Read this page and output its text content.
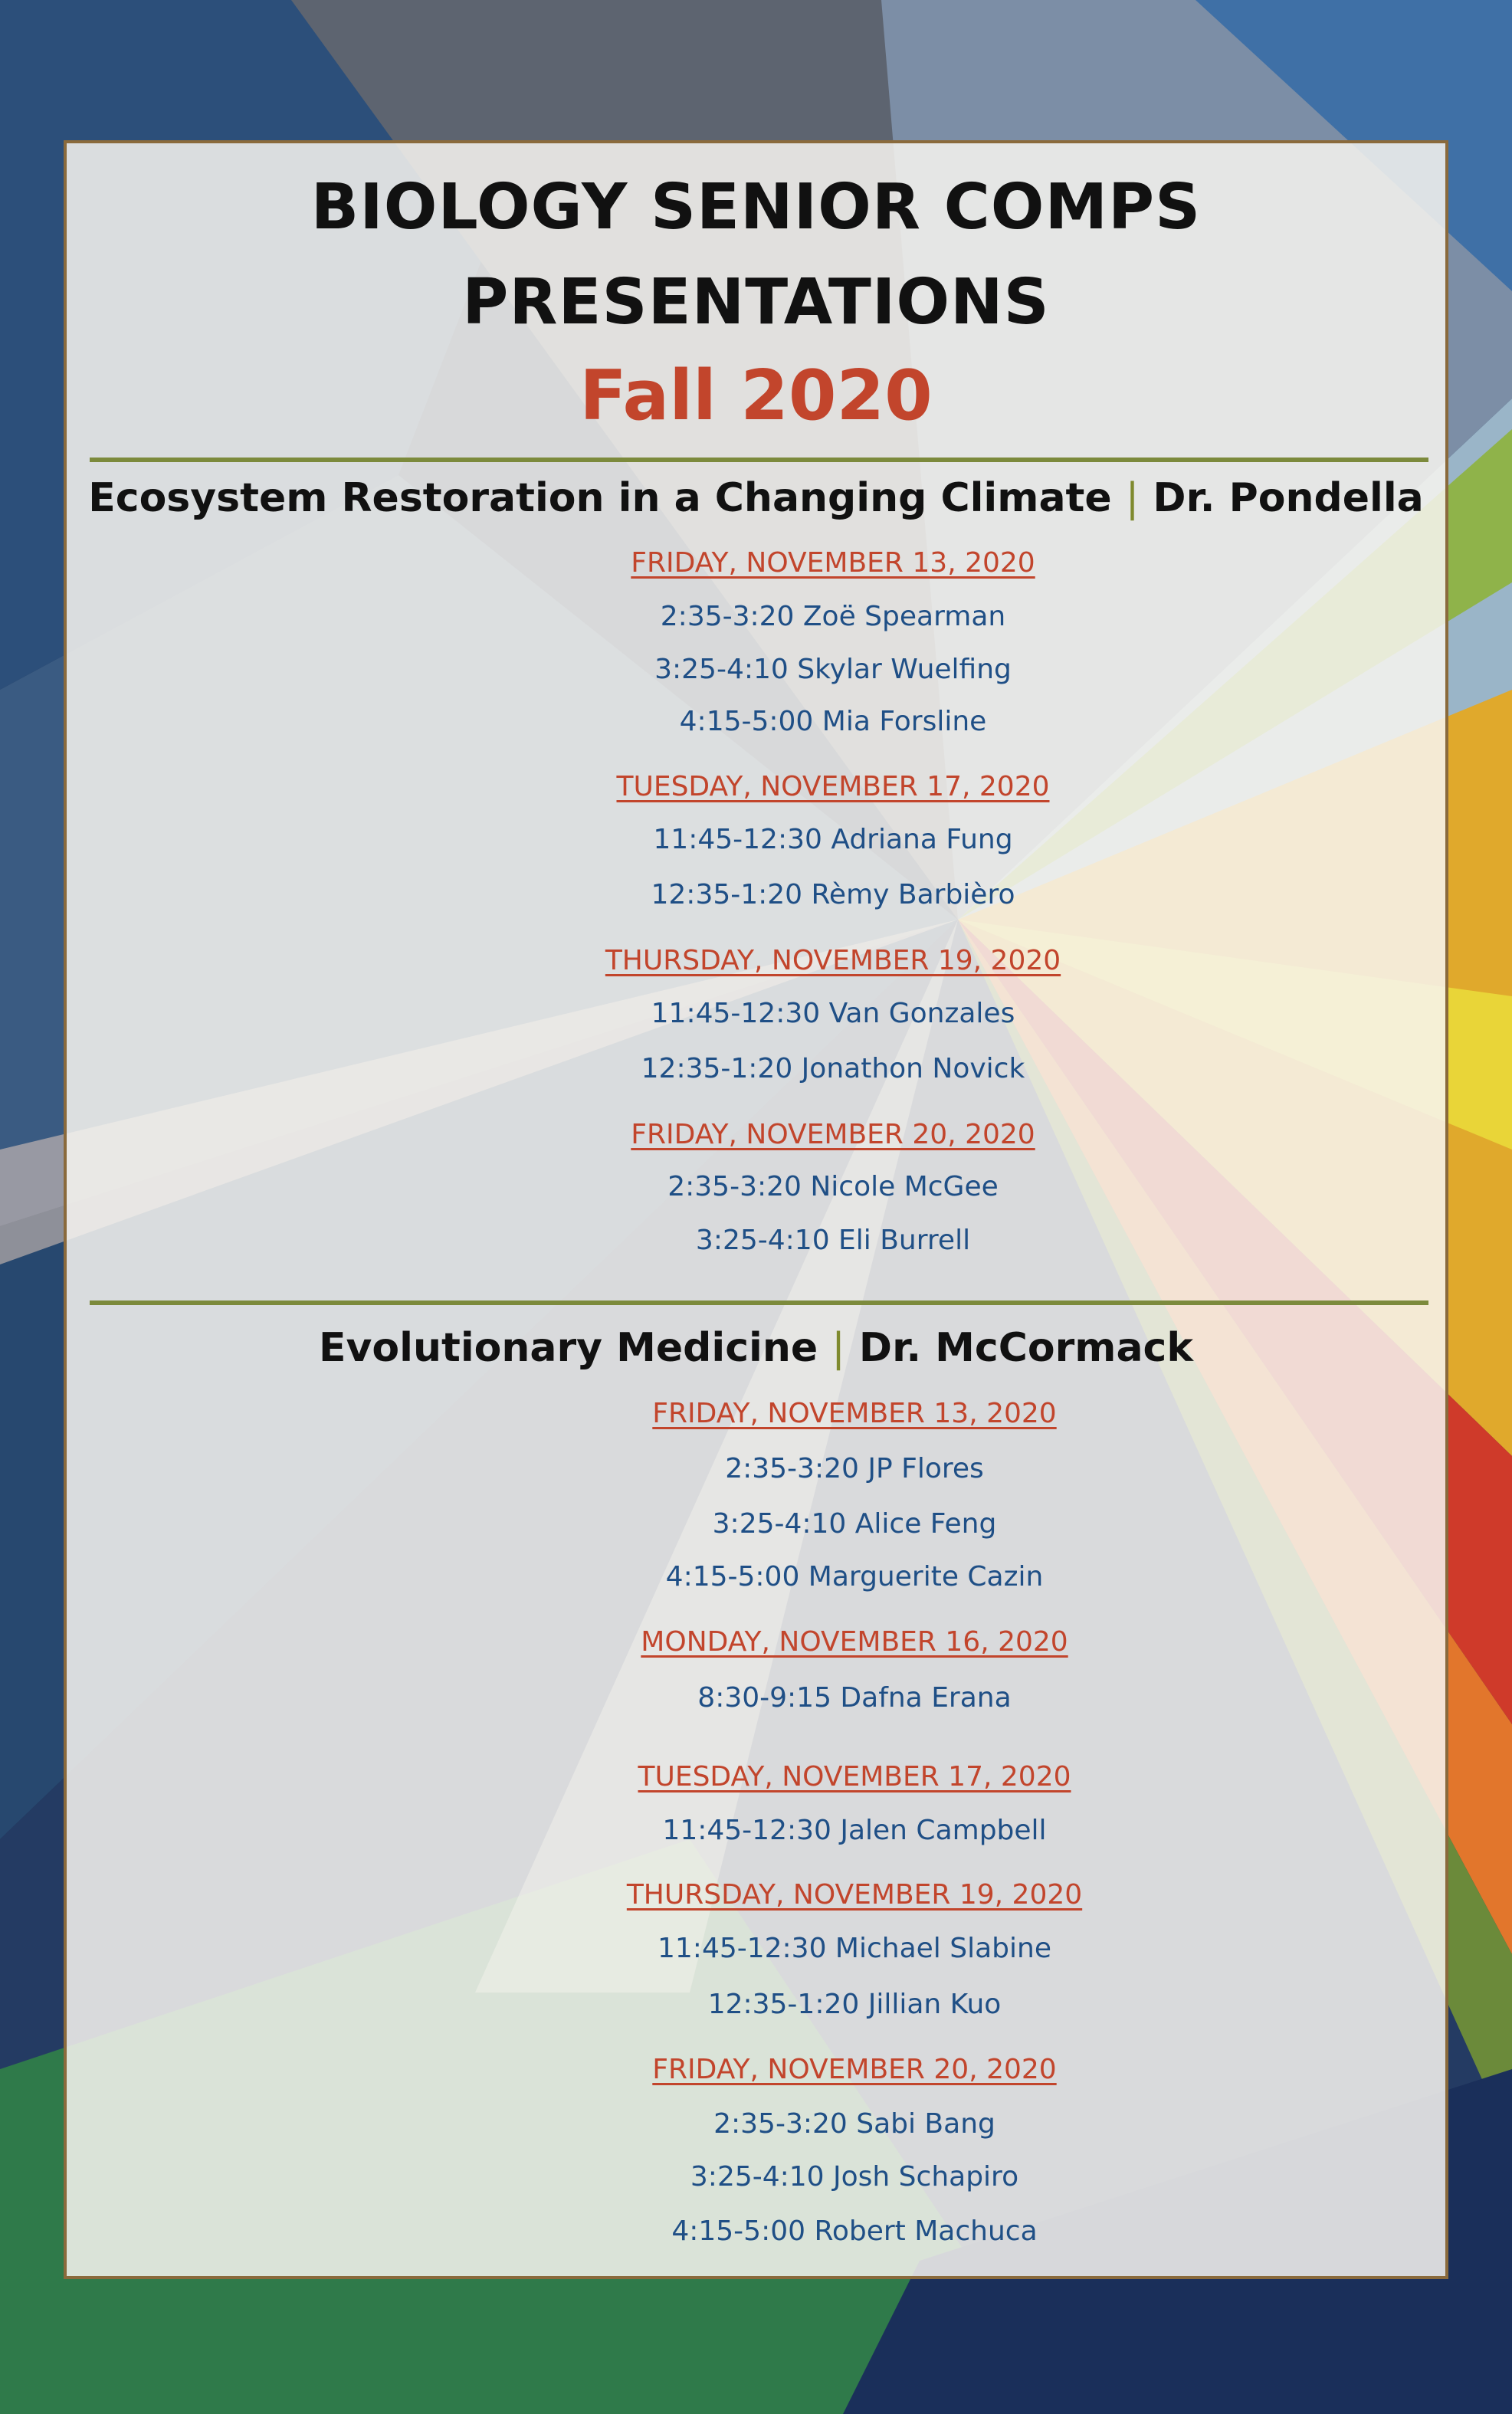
BIOLOGY SENIOR COMPS
PRESENTATIONS
Fall 2020
Ecosystem Restoration in a Changing Climate | Dr. Pondella
FRIDAY, NOVEMBER 13, 2020
2:35-3:20 Zoë Spearman
3:25-4:10 Skylar Wuelfing
4:15-5:00 Mia Forsline
TUESDAY, NOVEMBER 17, 2020
11:45-12:30 Adriana Fung
12:35-1:20 Rèmy Barbièro
THURSDAY, NOVEMBER 19, 2020
11:45-12:30 Van Gonzales
12:35-1:20 Jonathon Novick
FRIDAY, NOVEMBER 20, 2020
2:35-3:20 Nicole McGee
3:25-4:10 Eli Burrell
Evolutionary Medicine | Dr. McCormack
FRIDAY, NOVEMBER 13, 2020
2:35-3:20 JP Flores
3:25-4:10 Alice Feng
4:15-5:00 Marguerite Cazin
MONDAY, NOVEMBER 16, 2020
8:30-9:15 Dafna Erana
TUESDAY, NOVEMBER 17, 2020
11:45-12:30 Jalen Campbell
THURSDAY, NOVEMBER 19, 2020
11:45-12:30 Michael Slabine
12:35-1:20 Jillian Kuo
FRIDAY, NOVEMBER 20, 2020
2:35-3:20 Sabi Bang
3:25-4:10 Josh Schapiro
4:15-5:00 Robert Machuca
